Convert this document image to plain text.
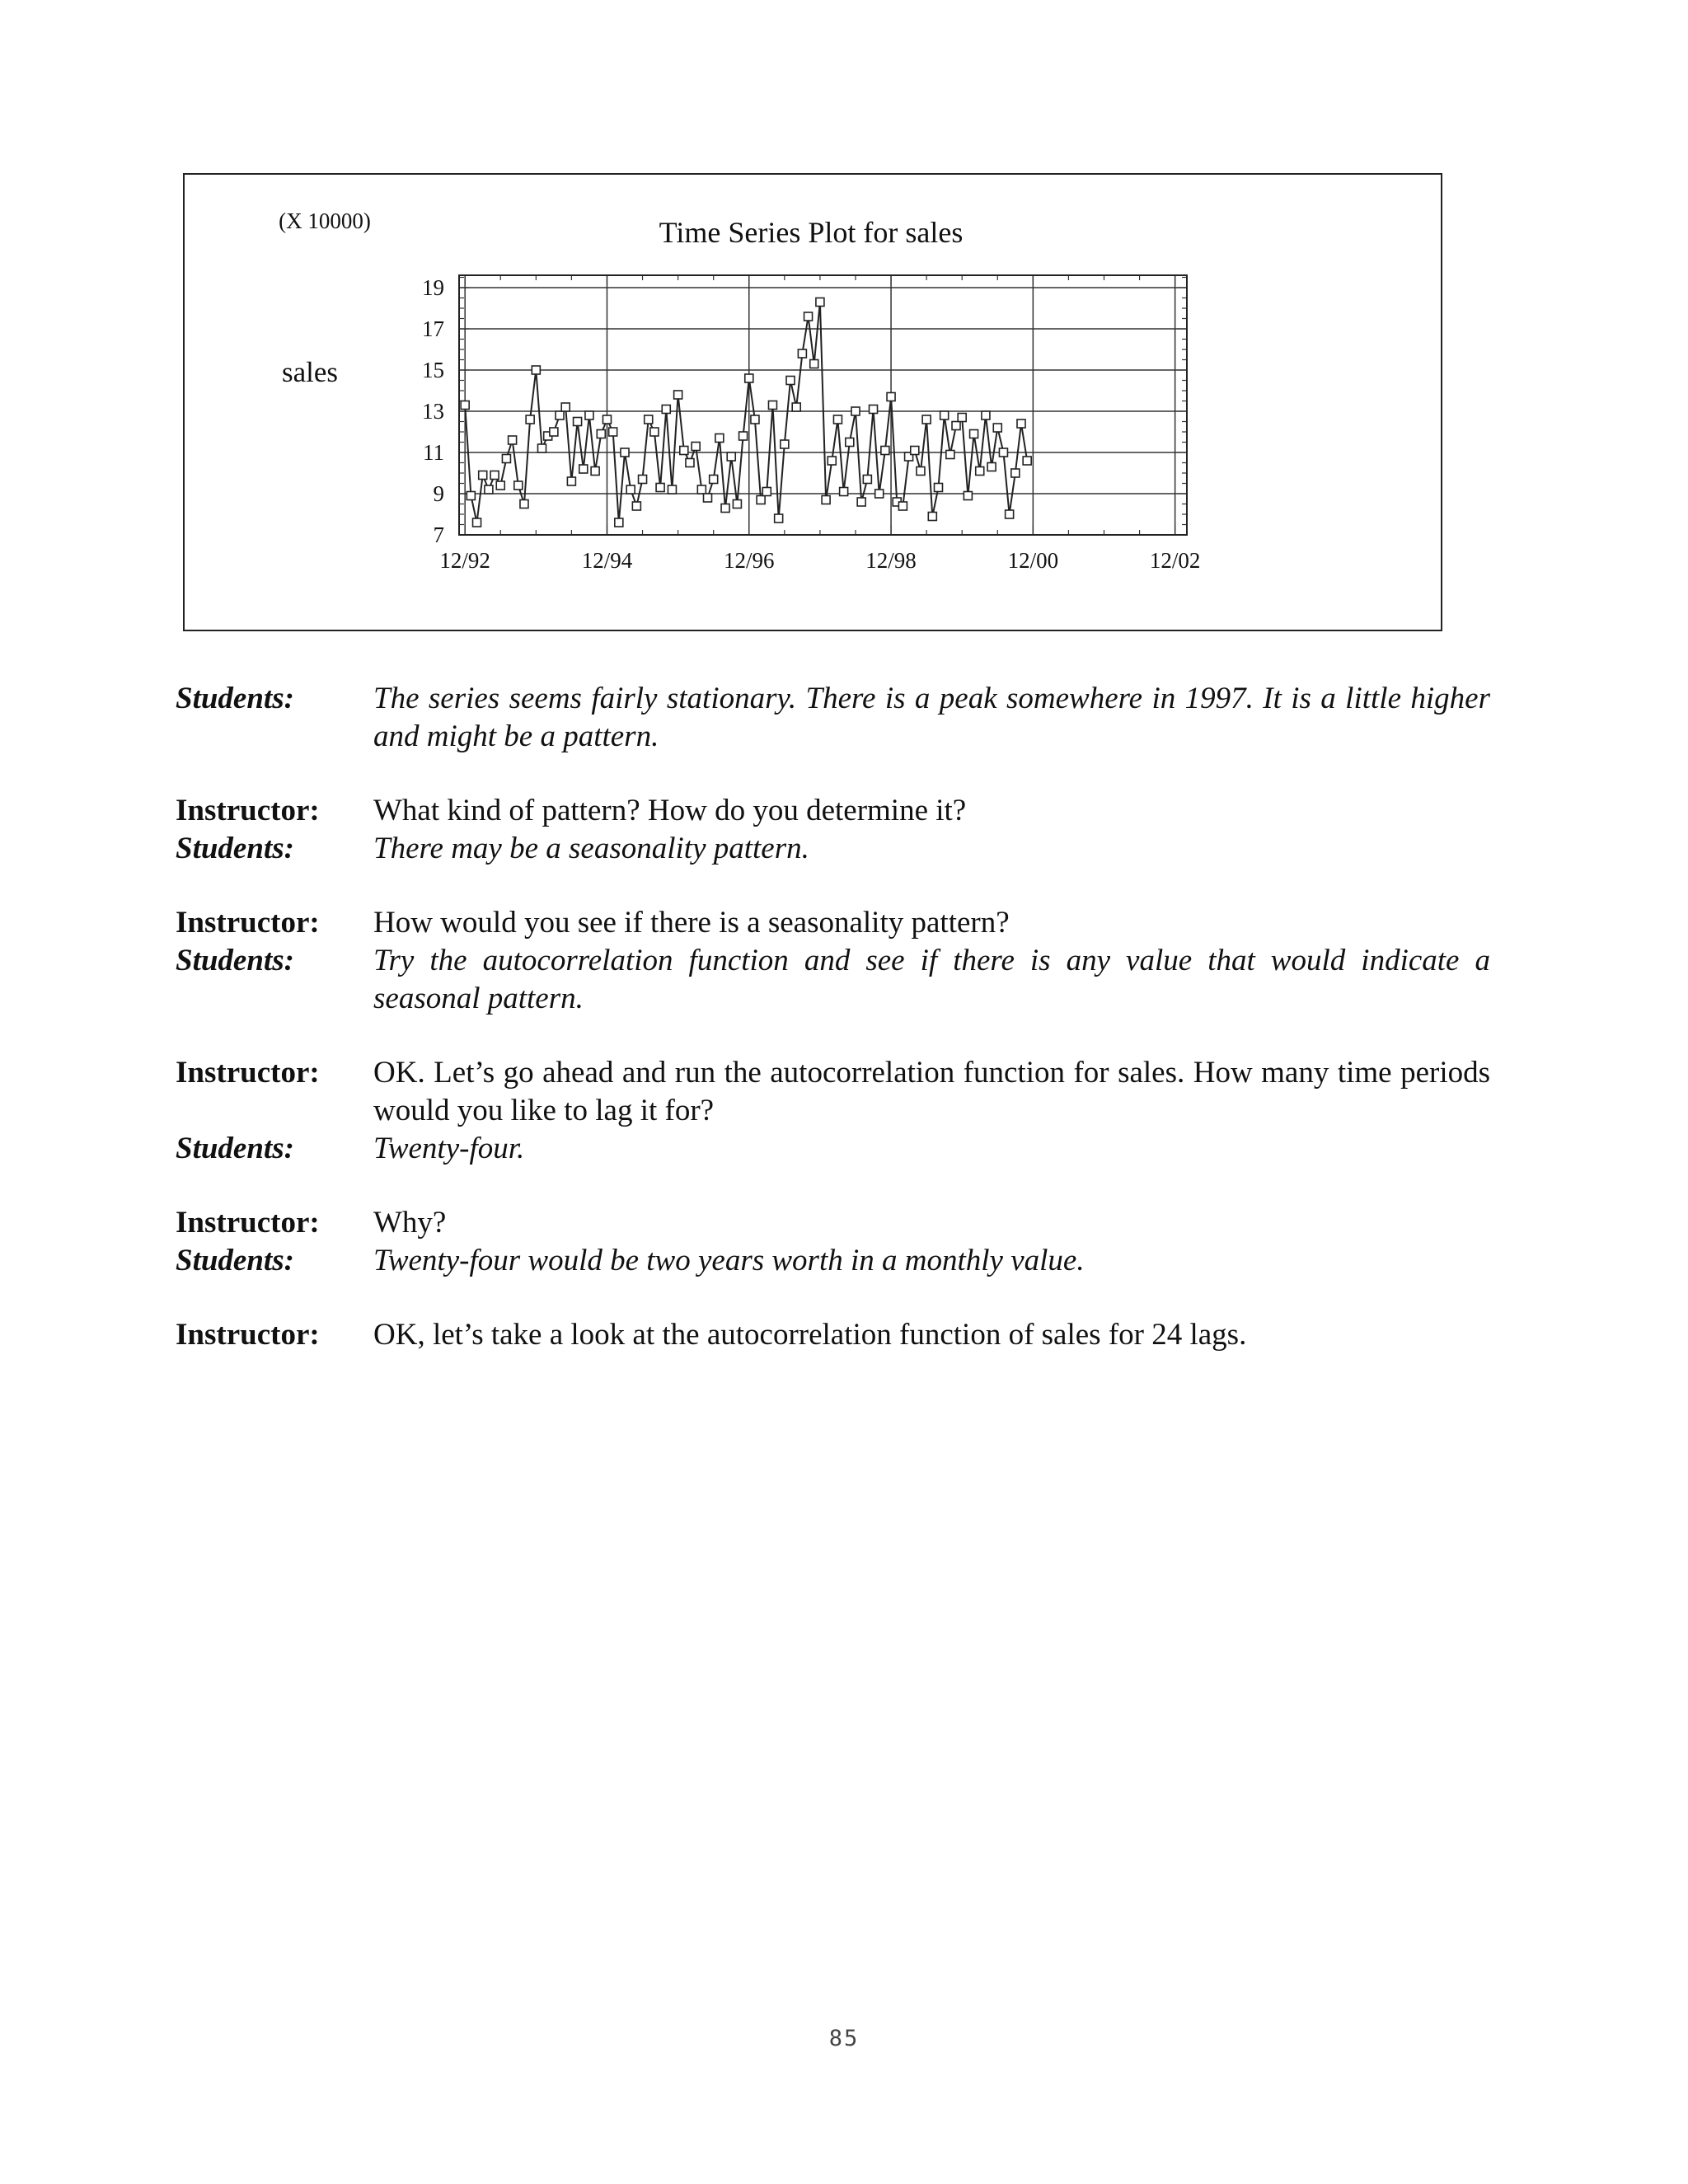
(X 10000)	Time Series Plot for sales
sales
7
9
11
13
15
17
19
12/92	12/94	12/96	12/98	12/00	12/02
Students:	The series seems fairly stationary. There is a peak somewhere in 1997. It is a little higher and might be a pattern.
Instructor:	What kind of pattern? How do you determine it?
Students:	There may be a seasonality pattern.
Instructor:	How would you see if there is a seasonality pattern?
Students:	Try the autocorrelation function and see if there is any value that would indicate a seasonal pattern.
Instructor:	OK. Let’s go ahead and run the autocorrelation function for sales. How many time periods would you like to lag it for?
Students:	Twenty-four.
Instructor:	Why?
Students:	Twenty-four would be two years worth in a monthly value.
Instructor:	OK, let’s take a look at the autocorrelation function of sales for 24 lags.
85
